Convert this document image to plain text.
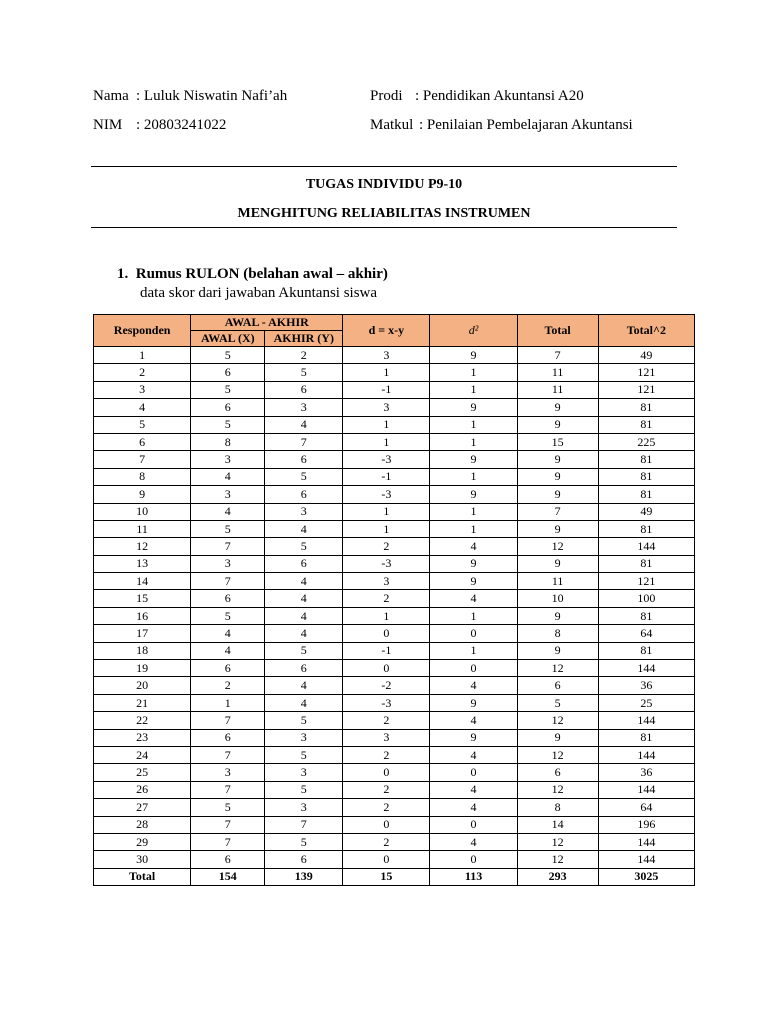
Nama : Luluk Niswatin Nafi’ah	Prodi : Pendidikan Akuntansi A20
NIM : 20803241022	Matkul : Penilaian Pembelajaran Akuntansi
TUGAS INDIVIDU P9-10
MENGHITUNG RELIABILITAS INSTRUMEN
1. Rumus RULON (belahan awal – akhir)
data skor dari jawaban Akuntansi siswa
Responden	AWAL - AKHIR		d = x-y	d²	Total	Total^2
	AWAL (X)	AKHIR (Y)				
1	5	2	3	9	7	49
2	6	5	1	1	11	121
3	5	6	-1	1	11	121
4	6	3	3	9	9	81
5	5	4	1	1	9	81
6	8	7	1	1	15	225
7	3	6	-3	9	9	81
8	4	5	-1	1	9	81
9	3	6	-3	9	9	81
10	4	3	1	1	7	49
11	5	4	1	1	9	81
12	7	5	2	4	12	144
13	3	6	-3	9	9	81
14	7	4	3	9	11	121
15	6	4	2	4	10	100
16	5	4	1	1	9	81
17	4	4	0	0	8	64
18	4	5	-1	1	9	81
19	6	6	0	0	12	144
20	2	4	-2	4	6	36
21	1	4	-3	9	5	25
22	7	5	2	4	12	144
23	6	3	3	9	9	81
24	7	5	2	4	12	144
25	3	3	0	0	6	36
26	7	5	2	4	12	144
27	5	3	2	4	8	64
28	7	7	0	0	14	196
29	7	5	2	4	12	144
30	6	6	0	0	12	144
Total	154	139	15	113	293	3025
